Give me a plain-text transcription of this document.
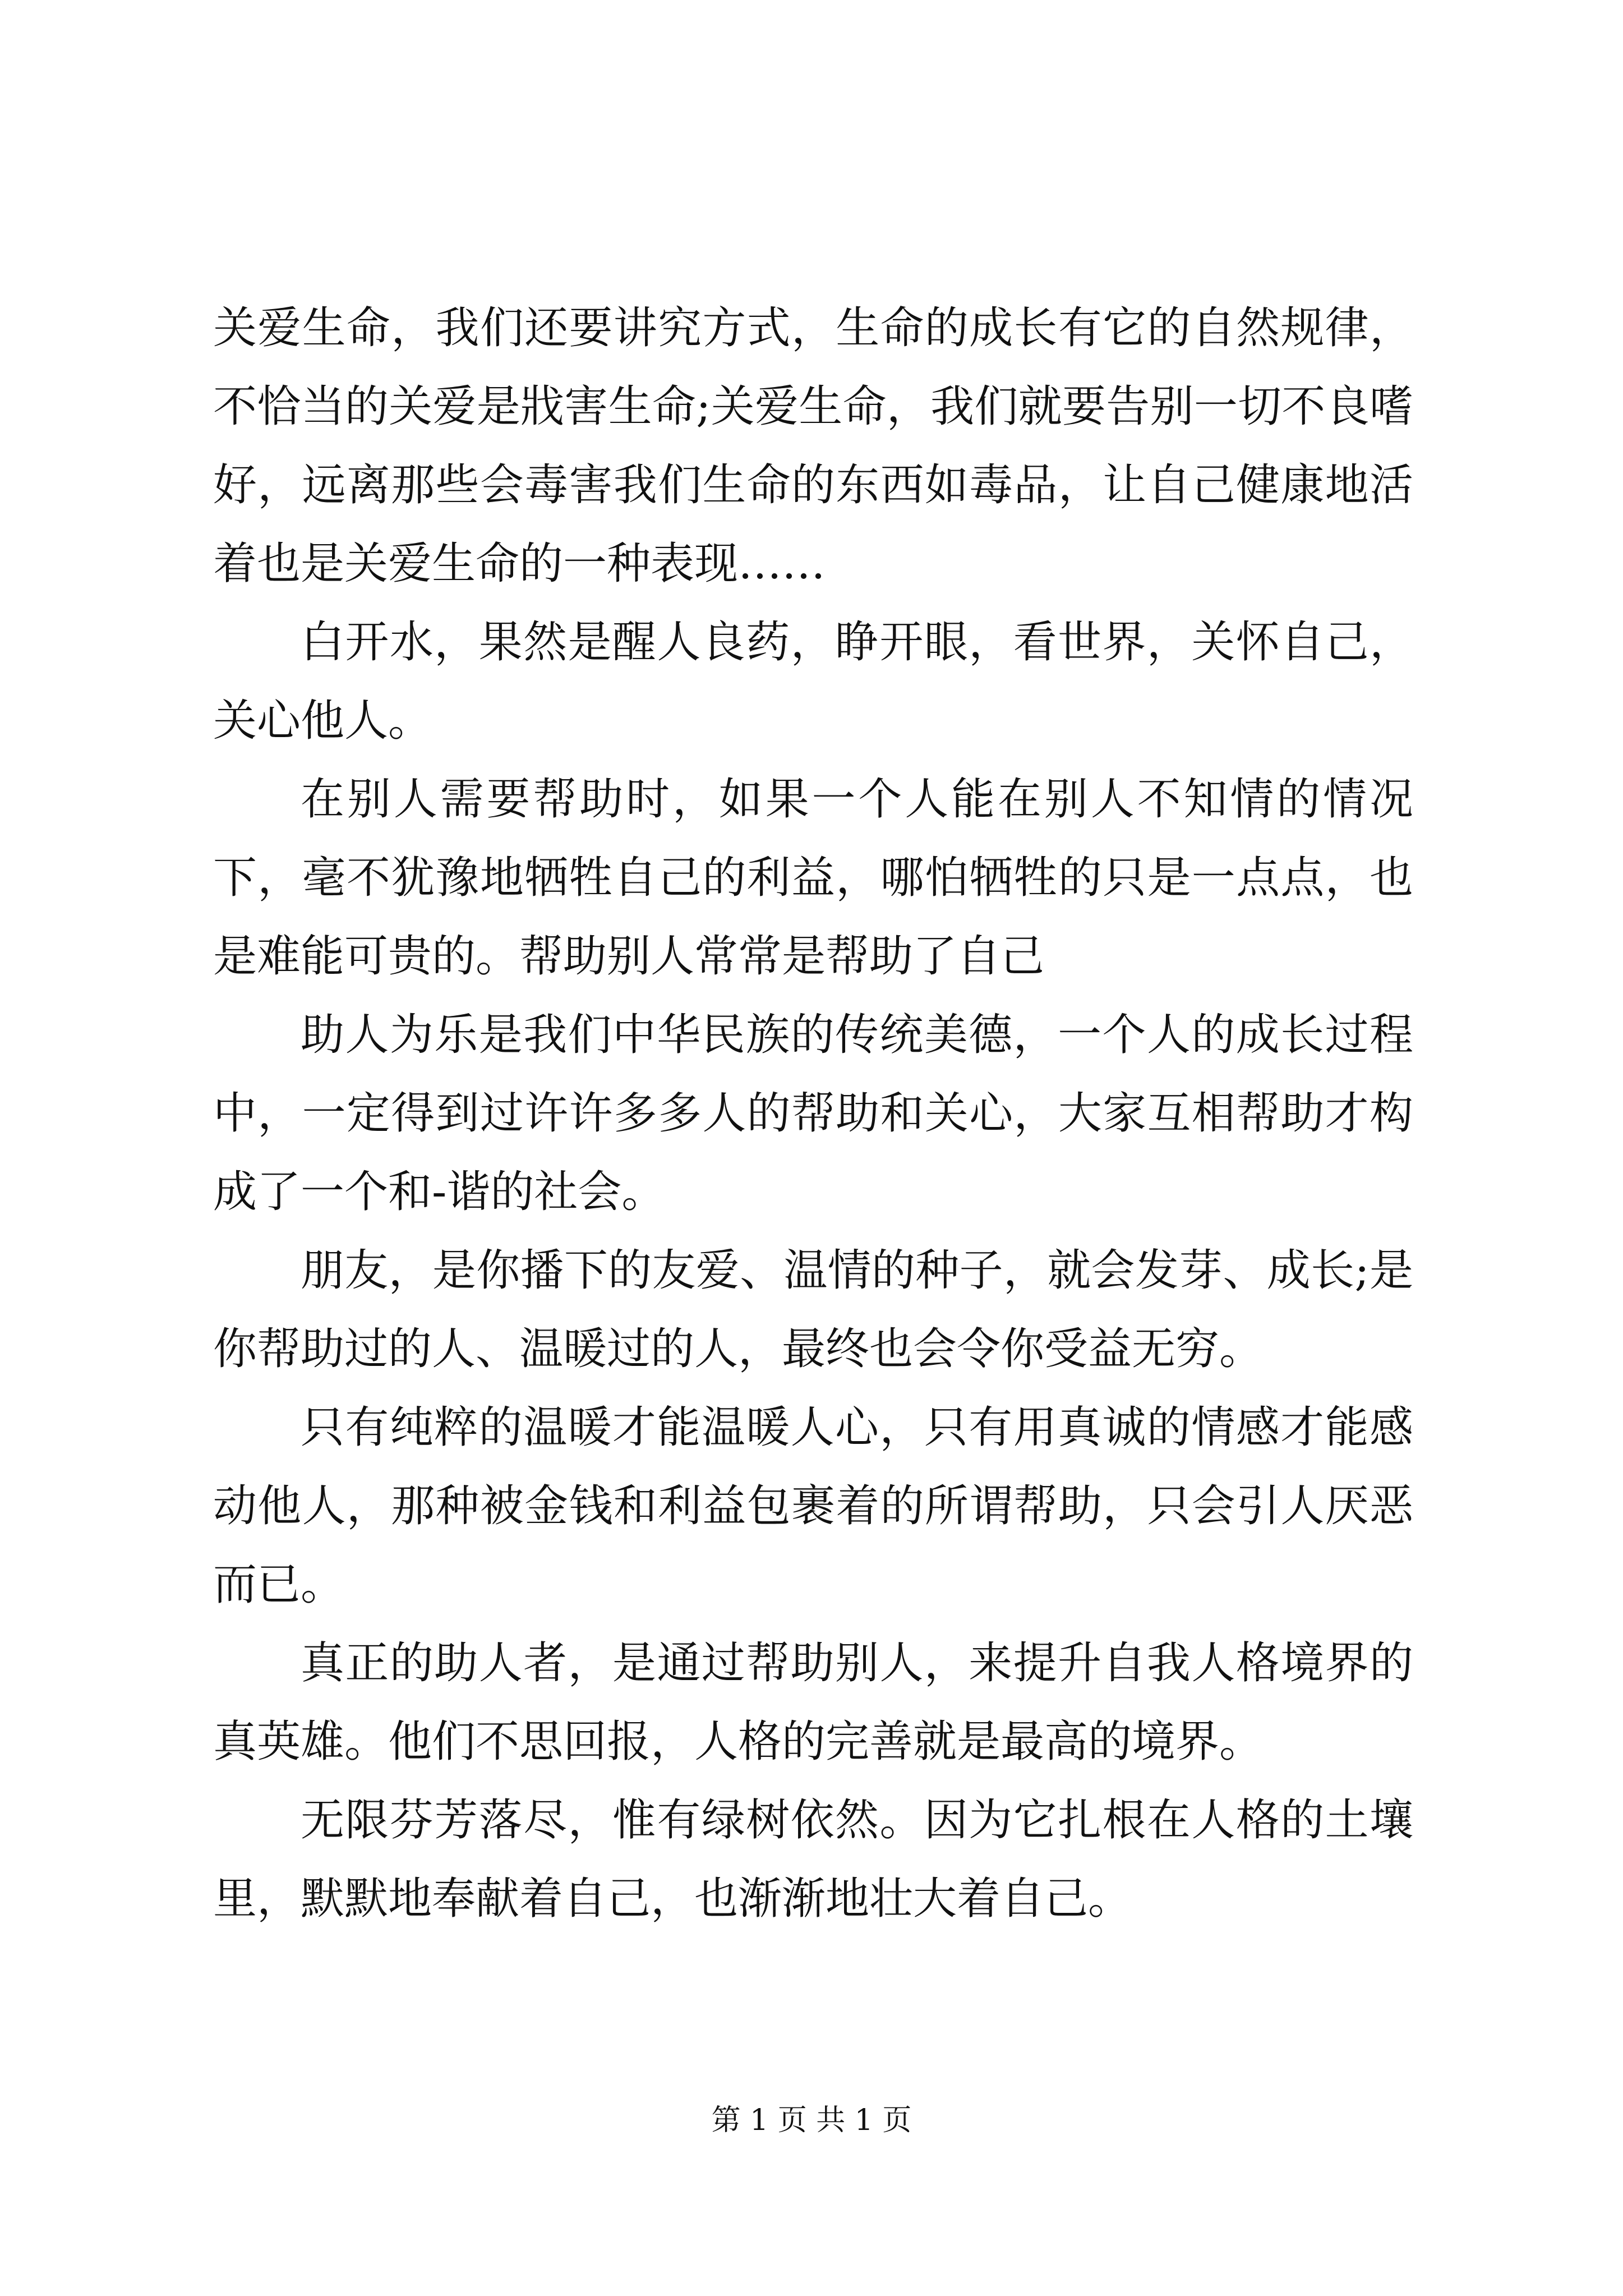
关爱生命，我们还要讲究方式，生命的成长有它的自然规律，不恰当的关爱是戕害生命;关爱生命，我们就要告别一切不良嗜好，远离那些会毒害我们生命的东西如毒品，让自己健康地活着也是关爱生命的一种表现……

白开水，果然是醒人良药，睁开眼，看世界，关怀自己，关心他人。

在别人需要帮助时，如果一个人能在别人不知情的情况下，毫不犹豫地牺牲自己的利益，哪怕牺牲的只是一点点，也是难能可贵的。帮助别人常常是帮助了自己

助人为乐是我们中华民族的传统美德，一个人的成长过程中，一定得到过许许多多人的帮助和关心，大家互相帮助才构成了一个和-谐的社会。

朋友，是你播下的友爱、温情的种子，就会发芽、成长;是你帮助过的人、温暖过的人，最终也会令你受益无穷。

只有纯粹的温暖才能温暖人心，只有用真诚的情感才能感动他人，那种被金钱和利益包裹着的所谓帮助，只会引人厌恶而已。

真正的助人者，是通过帮助别人，来提升自我人格境界的真英雄。他们不思回报，人格的完善就是最高的境界。

无限芬芳落尽，惟有绿树依然。因为它扎根在人格的土壤里，默默地奉献着自己，也渐渐地壮大着自己。

第 1 页 共 1 页
